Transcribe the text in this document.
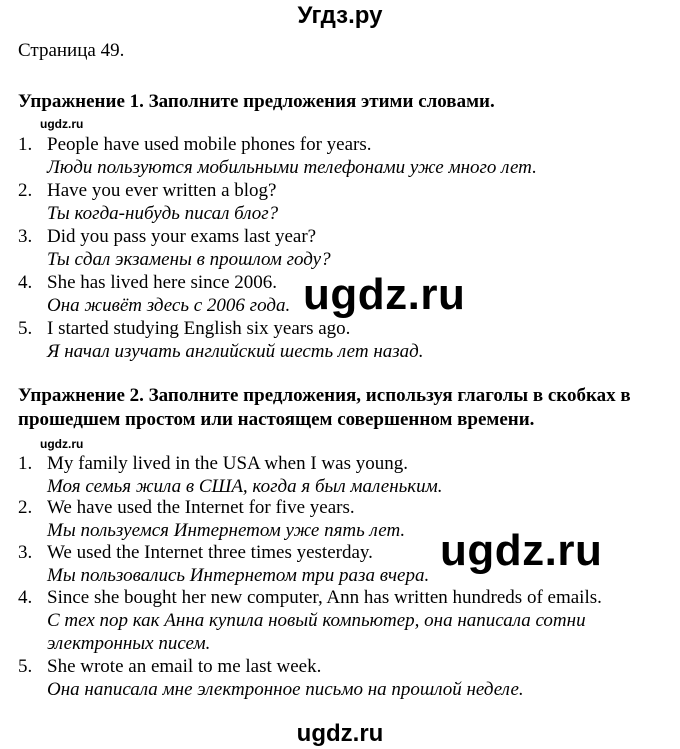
Угдз.ру
Страница 49.
Упражнение 1. Заполните предложения этими словами.
ugdz.ru
1. People have used mobile phones for years.
Люди пользуются мобильными телефонами уже много лет.
2. Have you ever written a blog?
Ты когда-нибудь писал блог?
3. Did you pass your exams last year?
Ты сдал экзамены в прошлом году?
4. She has lived here since 2006.
Она живёт здесь с 2006 года.
5. I started studying English six years ago.
Я начал изучать английский шесть лет назад.
ugdz.ru
Упражнение 2. Заполните предложения, используя глаголы в скобках в
прошедшем простом или настоящем совершенном времени.
ugdz.ru
1. My family lived in the USA when I was young.
Моя семья жила в США, когда я был маленьким.
2. We have used the Internet for five years.
Мы пользуемся Интернетом уже пять лет.
3. We used the Internet three times yesterday.
Мы пользовались Интернетом три раза вчера.
4. Since she bought her new computer, Ann has written hundreds of emails.
С тех пор как Анна купила новый компьютер, она написала сотни электронных писем.
5. She wrote an email to me last week.
Она написала мне электронное письмо на прошлой неделе.
ugdz.ru
ugdz.ru
